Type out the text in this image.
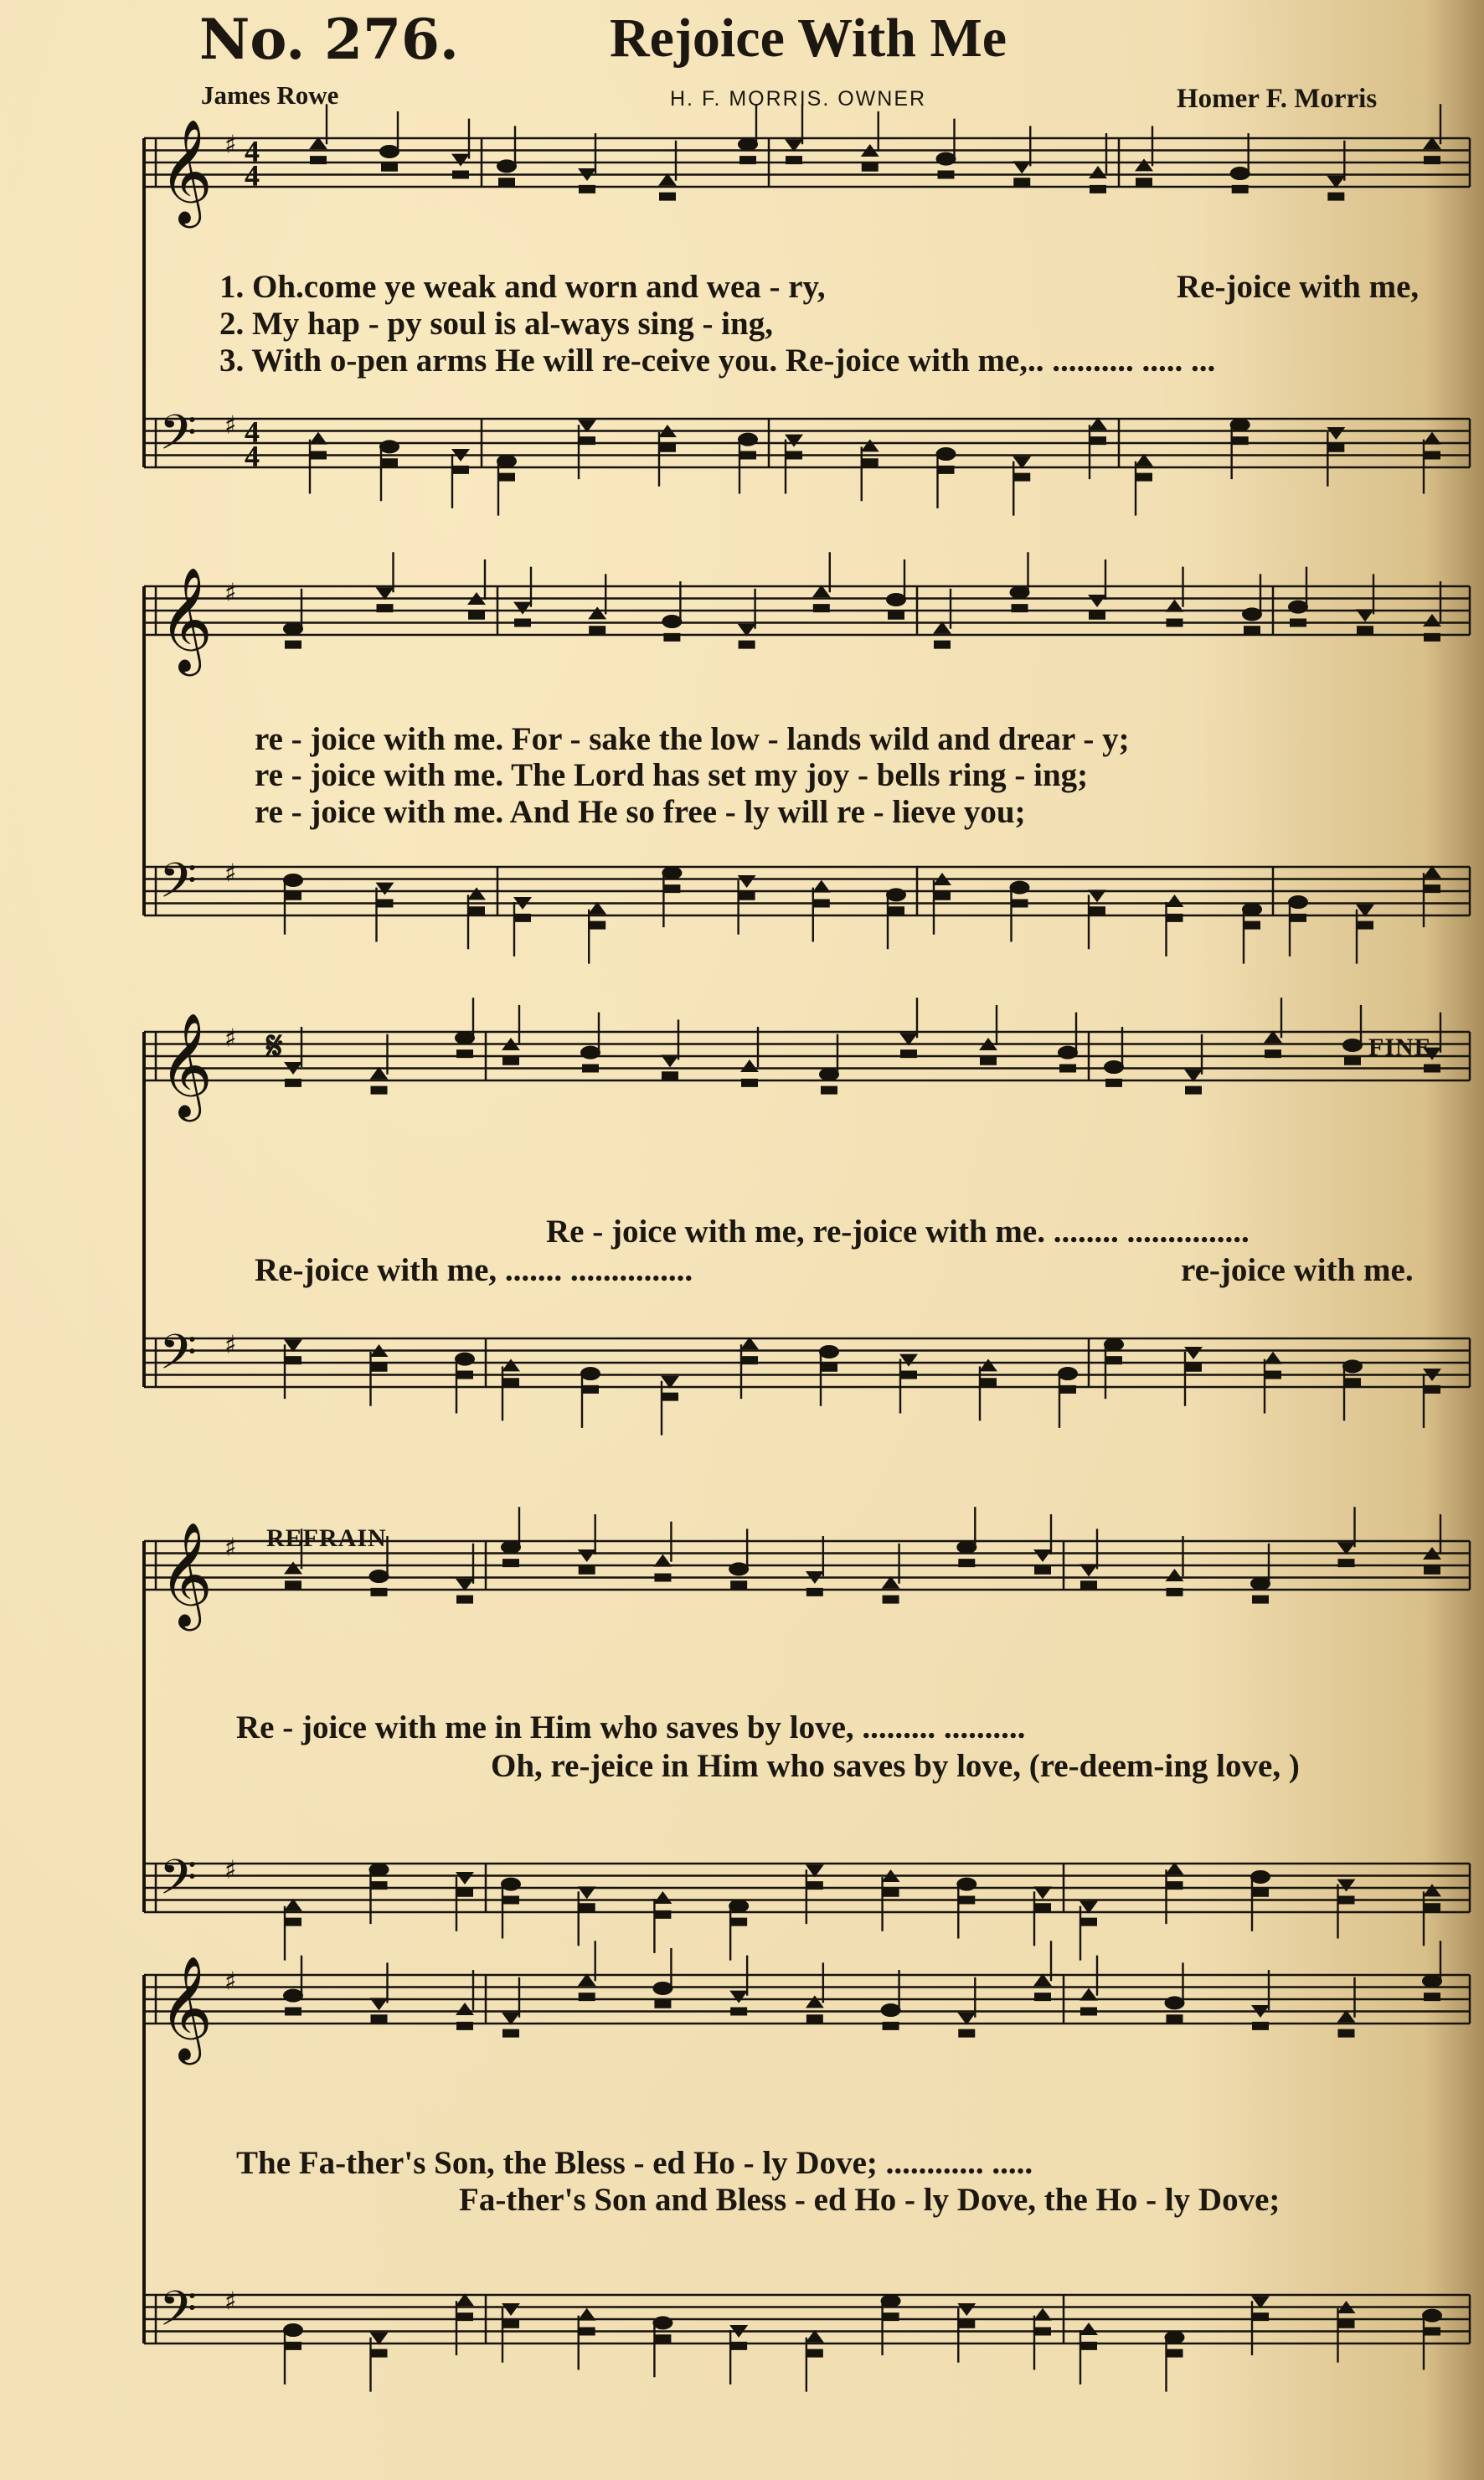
No. 276.	Rejoice With Me
James Rowe	H. F. MORRIS. OWNER	Homer F. Morris
𝄞 ♯ 4
4
𝄢 ♯ 4
4
𝄞 ♯
𝄢 ♯
𝄞 ♯
𝄢 ♯
𝄞 ♯
𝄢 ♯
𝄞 ♯
𝄢 ♯
1. Oh.come ye weak and worn and wea - ry,	Re-joice with me,
2. My hap - py soul is al-ways sing - ing,
3. With o-pen arms He will re-ceive you. Re-joice with me,.. .......... ..... ...
re - joice with me. For - sake the low - lands wild and drear - y;
re - joice with me. The Lord has set my joy - bells ring - ing;
re - joice with me. And He so free - ly will re - lieve you;
𝄋	FINE
Re - joice with me, re-joice with me. ........ ...............
Re-joice with me, ....... ...............	re-joice with me.
REFRAIN
Re - joice with me in Him who saves by love, ......... ..........
Oh, re-jeice in Him who saves by love, (re-deem-ing love, )
The Fa-ther's Son, the Bless - ed Ho - ly Dove; ............ .....
Fa-ther's Son and Bless - ed Ho - ly Dove, the Ho - ly Dove;
